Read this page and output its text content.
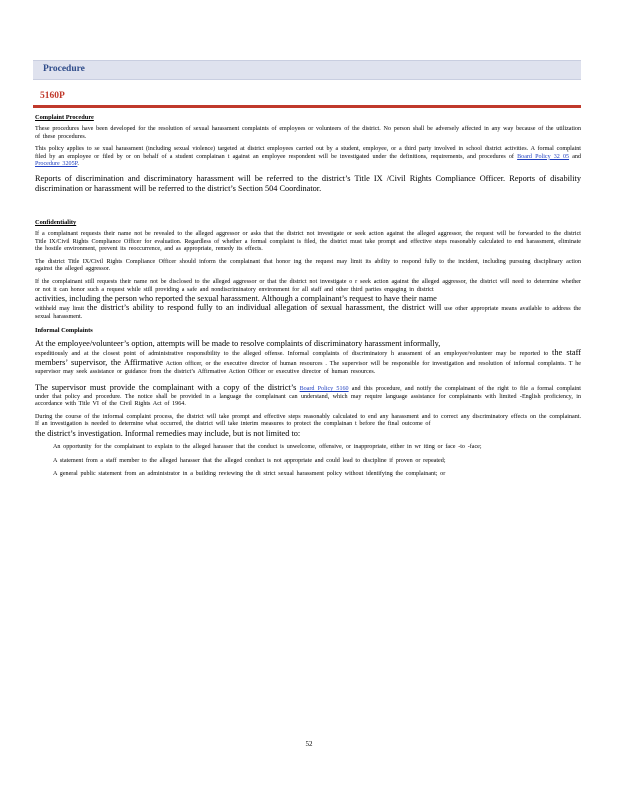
Procedure
5160P
Complaint Procedure

These procedures have been developed for the resolution of sexual harassment complaints of employees or volunteers of the district. No person shall be adversely affected in any way because of the utilization of these procedures.

This policy applies to se xual harassment (including sexual violence) targeted at district employees carried out by a student, employee, or a third party involved in school district activities. A formal complaint filed by an employee or filed by or on behalf of a student complainan t against an employee respondent will be investigated under the definitions, requirements, and procedures of Board Policy 32 05 and Procedure 3205P.

Reports of discrimination and discriminatory harassment will be referred to the district’s Title IX /Civil Rights Compliance Officer. Reports of disability discrimination or harassment will be referred to the district’s Section 504 Coordinator.

Confidentiality

If a complainant requests their name not be revealed to the alleged aggressor or asks that the district not investigate or seek action against the alleged aggressor, the request will be forwarded to the district Title IX/Civil Rights Compliance Officer for evaluation. Regardless of whether a formal complaint is filed, the district must take prompt and effective steps reasonably calculated to end harassment, eliminate the hostile environment, prevent its reoccurrence, and as appropriate, remedy its effects.

The district Title IX/Civil Rights Compliance Officer should inform the complainant that honor ing the request may limit its ability to respond fully to the incident, including pursuing disciplinary action against the alleged aggressor.

If the complainant still requests their name not be disclosed to the alleged aggressor or that the district not investigate o r seek action against the alleged aggressor, the district will need to determine whether or not it can honor such a request while still providing a safe and nondiscriminatory environment for all staff and other third parties engaging in district

activities, including the person who reported the sexual harassment. Although a complainant’s request to have their name

withheld may limit the district’s ability to respond fully to an individual allegation of sexual harassment, the district will use other appropriate means available to address the sexual harassment.

Informal Complaints

At the employee/volunteer’s option, attempts will be made to resolve complaints of discriminatory harassment informally,

expeditiously and at the closest point of administrative responsibility to the alleged offense. Informal complaints of discriminatory h arassment of an employee/volunteer may be reported to the staff members’ supervisor, the Affirmative Action officer, or the executive director of human resources . The supervisor will be responsible for investigation and resolution of informal complaints. T he supervisor may seek assistance or guidance from the district’s Affirmative Action Officer or executive director of human resources.

The supervisor must provide the complainant with a copy of the district’s Board Policy 5160 and this procedure, and notify the complainant of the right to file a formal complaint under that policy and procedure. The notice shall be provided in a language the complainant can understand, which may require language assistance for complainants with limited -English proficiency, in accordance with Title VI of the Civil Rights Act of 1964.

During the course of the informal complaint process, the district will take prompt and effective steps reasonably calculated to end any harassment and to correct any discriminatory effects on the complainant. If an investigation is needed to determine what occurred, the district will take interim measures to protect the complainan t before the final outcome of

the district’s investigation. Informal remedies may include, but is not limited to:

An opportunity for the complainant to explain to the alleged harasser that the conduct is unwelcome, offensive, or inappropriate, either in wr iting or face -to -face;
A statement from a staff member to the alleged harasser that the alleged conduct is not appropriate and could lead to discipline if proven or repeated;
A general public statement from an administrator in a building reviewing the di strict sexual harassment policy without identifying the complainant; or
52
